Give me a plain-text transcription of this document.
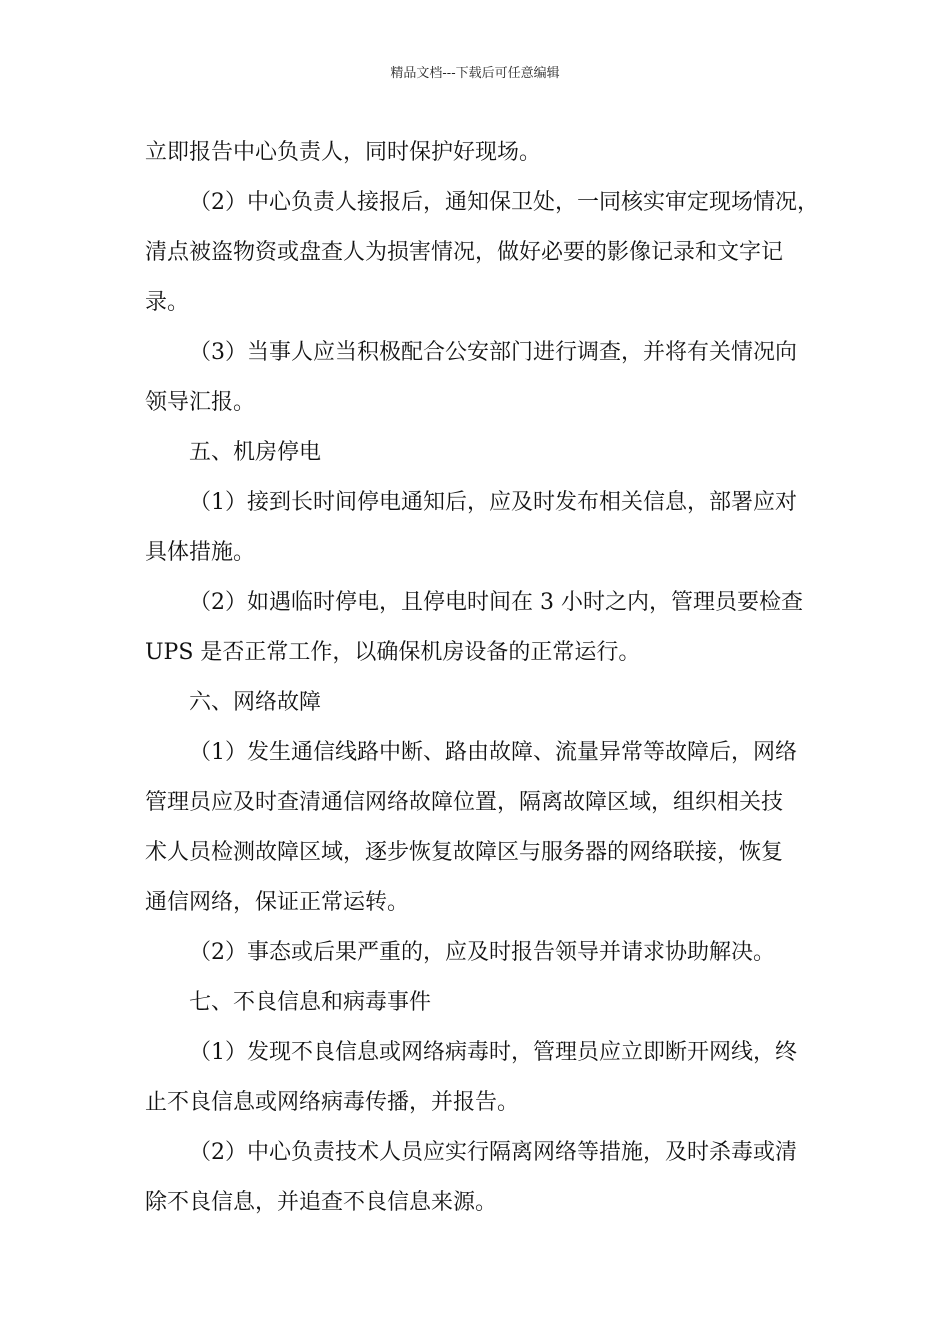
精品文档---下载后可任意编辑
立即报告中心负责人，同时保护好现场。
（2）中心负责人接报后，通知保卫处，一同核实审定现场情况，
清点被盗物资或盘查人为损害情况，做好必要的影像记录和文字记
录。
（3）当事人应当积极配合公安部门进行调查，并将有关情况向
领导汇报。
五、机房停电
（1）接到长时间停电通知后，应及时发布相关信息，部署应对
具体措施。
（2）如遇临时停电，且停电时间在 3 小时之内，管理员要检查
UPS 是否正常工作，以确保机房设备的正常运行。
六、网络故障
（1）发生通信线路中断、路由故障、流量异常等故障后，网络
管理员应及时查清通信网络故障位置，隔离故障区域，组织相关技
术人员检测故障区域，逐步恢复故障区与服务器的网络联接，恢复
通信网络，保证正常运转。
（2）事态或后果严重的，应及时报告领导并请求协助解决。
七、不良信息和病毒事件
（1）发现不良信息或网络病毒时，管理员应立即断开网线，终
止不良信息或网络病毒传播，并报告。
（2）中心负责技术人员应实行隔离网络等措施，及时杀毒或清
除不良信息，并追查不良信息来源。
